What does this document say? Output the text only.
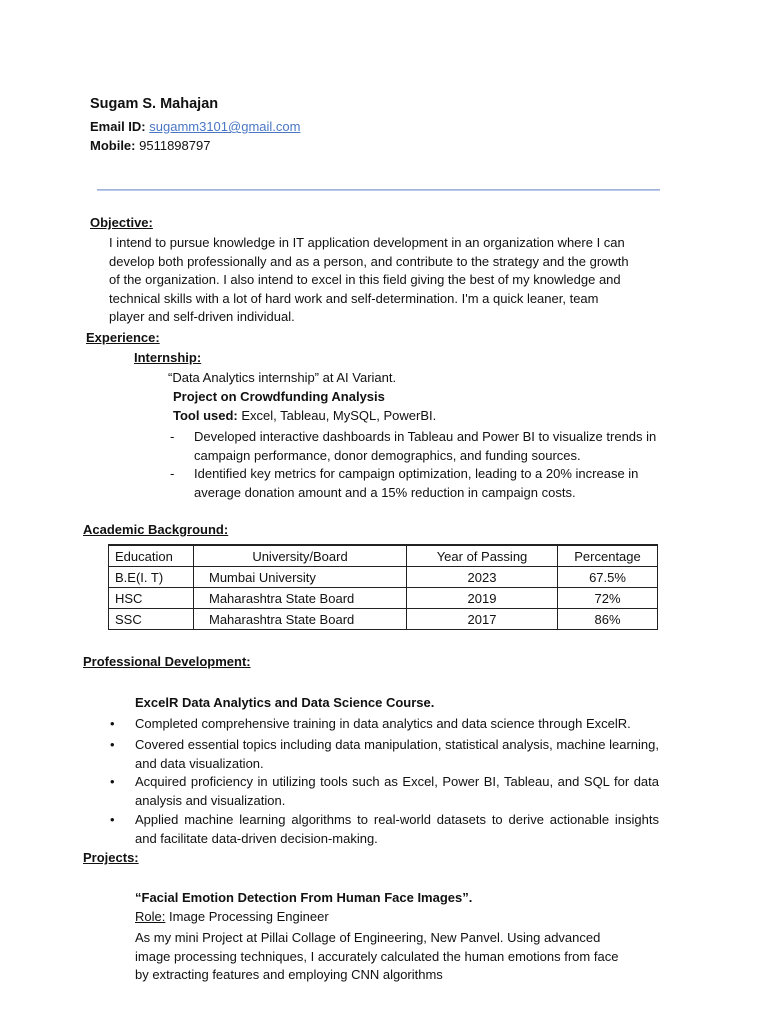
Sugam S. Mahajan
Email ID: sugamm3101@gmail.com
Mobile: 9511898797
Objective:
I intend to pursue knowledge in IT application development in an organization where I can
develop both professionally and as a person, and contribute to the strategy and the growth
of the organization. I also intend to excel in this field giving the best of my knowledge and
technical skills with a lot of hard work and self-determination. I'm a quick leaner, team
player and self-driven individual.
Experience:
Internship:
“Data Analytics internship” at AI Variant.
Project on Crowdfunding Analysis
Tool used: Excel, Tableau, MySQL, PowerBI.
- Developed interactive dashboards in Tableau and Power BI to visualize trends in campaign performance, donor demographics, and funding sources.
- Identified key metrics for campaign optimization, leading to a 20% increase in average donation amount and a 15% reduction in campaign costs.
Academic Background:
Education	University/Board	Year of Passing	Percentage
B.E(I. T)	Mumbai University	2023	67.5%
HSC	Maharashtra State Board	2019	72%
SSC	Maharashtra State Board	2017	86%
Professional Development:
ExcelR Data Analytics and Data Science Course.
• Completed comprehensive training in data analytics and data science through ExcelR.
• Covered essential topics including data manipulation, statistical analysis, machine learning, and data visualization.
• Acquired proficiency in utilizing tools such as Excel, Power BI, Tableau, and SQL for data analysis and visualization.
• Applied machine learning algorithms to real-world datasets to derive actionable insights and facilitate data-driven decision-making.
Projects:
“Facial Emotion Detection From Human Face Images”.
Role: Image Processing Engineer
As my mini Project at Pillai Collage of Engineering, New Panvel. Using advanced
image processing techniques, I accurately calculated the human emotions from face
by extracting features and employing CNN algorithms
